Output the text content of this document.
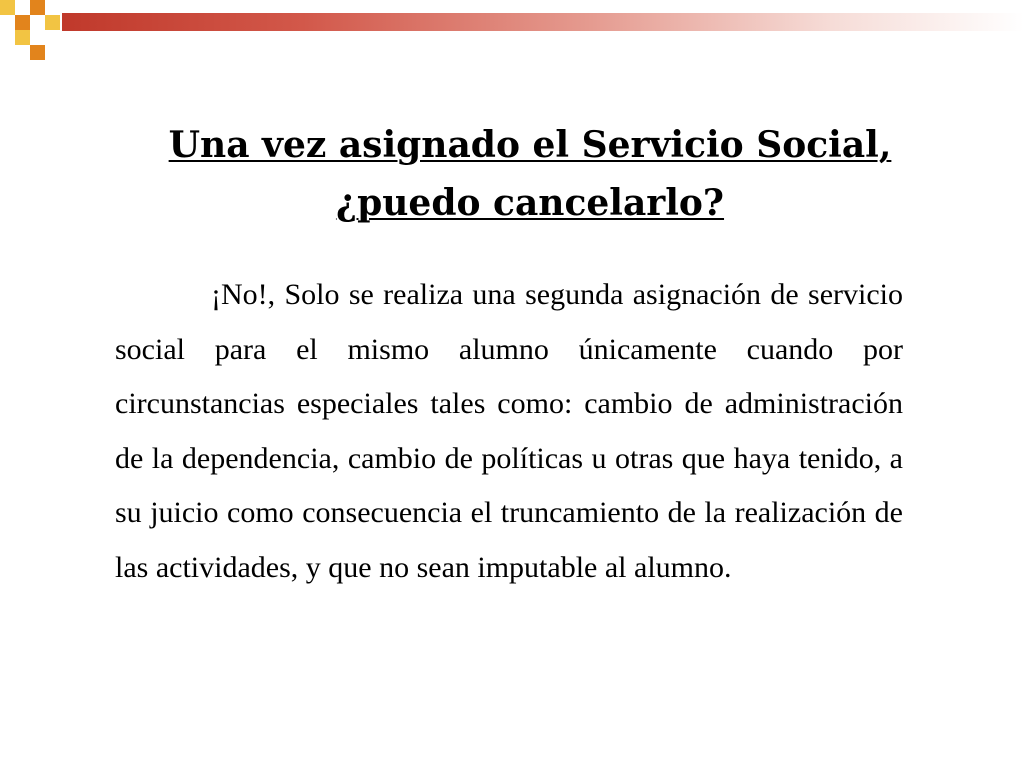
Una vez asignado el Servicio Social,
¿puedo cancelarlo?

¡No!, Solo se realiza una segunda asignación de servicio social para el mismo alumno únicamente cuando por circunstancias especiales tales como: cambio de administración de la dependencia, cambio de políticas u otras que haya tenido, a su juicio como consecuencia el truncamiento de la realización de las actividades, y que no sean imputable al alumno.
